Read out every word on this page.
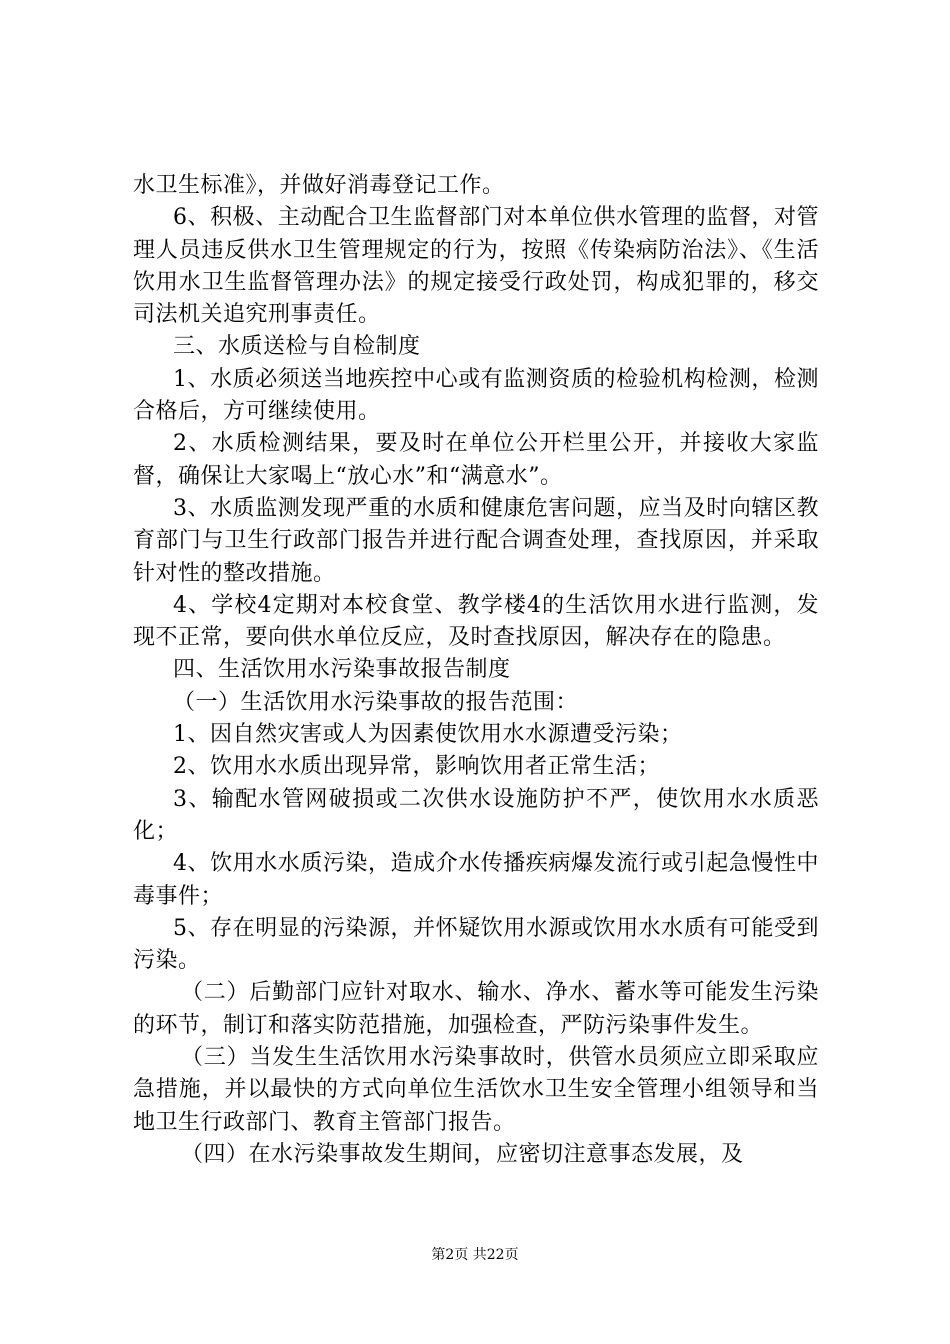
水卫生标准》，并做好消毒登记工作。

6、积极、主动配合卫生监督部门对本单位供水管理的监督，对管理人员违反供水卫生管理规定的行为，按照《传染病防治法》、《生活饮用水卫生监督管理办法》的规定接受行政处罚，构成犯罪的，移交司法机关追究刑事责任。

三、水质送检与自检制度

1、水质必须送当地疾控中心或有监测资质的检验机构检测，检测合格后，方可继续使用。

2、水质检测结果，要及时在单位公开栏里公开，并接收大家监督，确保让大家喝上“放心水”和“满意水”。

3、水质监测发现严重的水质和健康危害问题，应当及时向辖区教育部门与卫生行政部门报告并进行配合调查处理，查找原因，并采取针对性的整改措施。

4、学校4定期对本校食堂、教学楼4的生活饮用水进行监测，发现不正常，要向供水单位反应，及时查找原因，解决存在的隐患。

四、生活饮用水污染事故报告制度

（一）生活饮用水污染事故的报告范围：

1、因自然灾害或人为因素使饮用水水源遭受污染；

2、饮用水水质出现异常，影响饮用者正常生活；

3、输配水管网破损或二次供水设施防护不严，使饮用水水质恶化；

4、饮用水水质污染，造成介水传播疾病爆发流行或引起急慢性中毒事件；

5、存在明显的污染源，并怀疑饮用水源或饮用水水质有可能受到污染。

（二）后勤部门应针对取水、输水、净水、蓄水等可能发生污染的环节，制订和落实防范措施，加强检查，严防污染事件发生。

（三）当发生生活饮用水污染事故时，供管水员须应立即采取应急措施，并以最快的方式向单位生活饮水卫生安全管理小组领导和当地卫生行政部门、教育主管部门报告。

（四）在水污染事故发生期间，应密切注意事态发展，及

第2页 共22页
